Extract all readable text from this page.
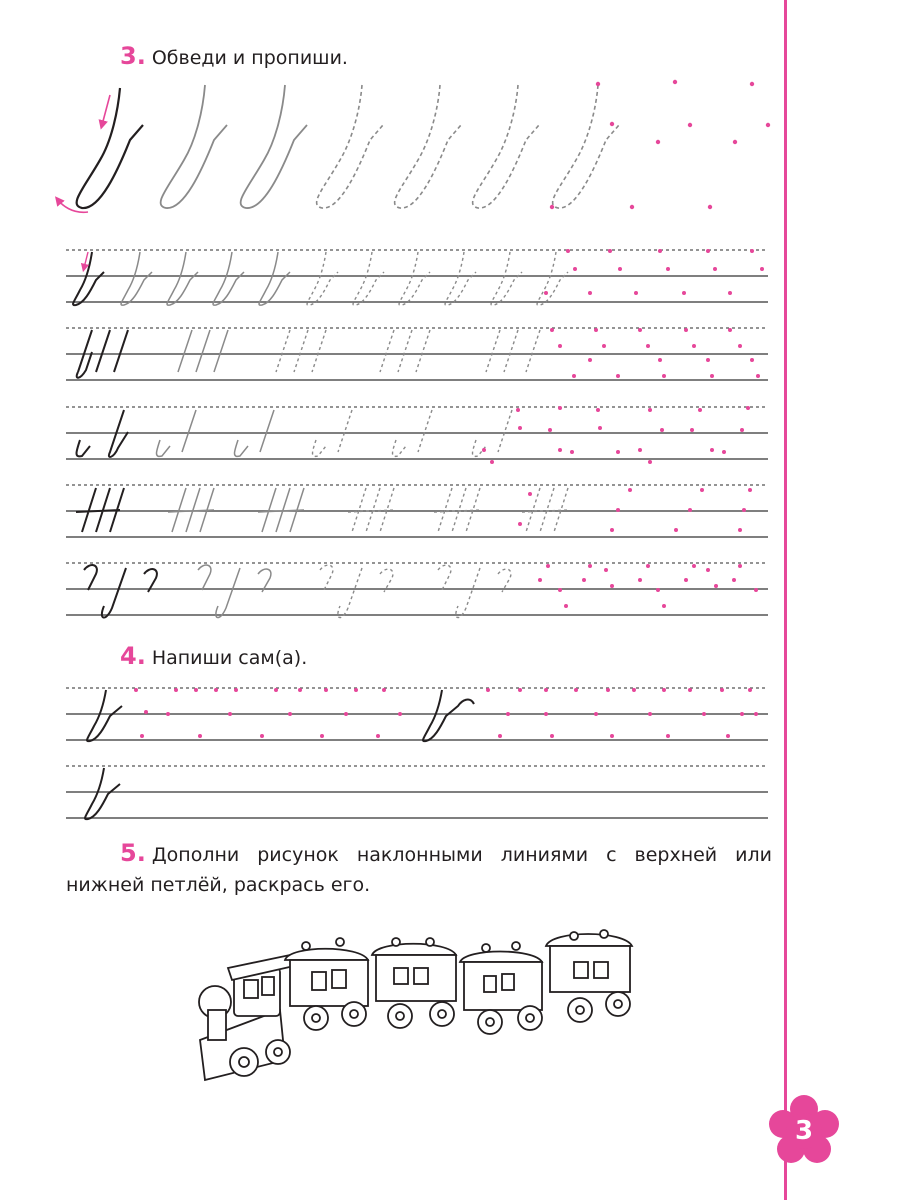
3. Обведи и пропиши.
4. Напиши сам(а).
5. Дополни рисунок наклонными линиями с верхней или нижней петлёй, раскрась его.
3
